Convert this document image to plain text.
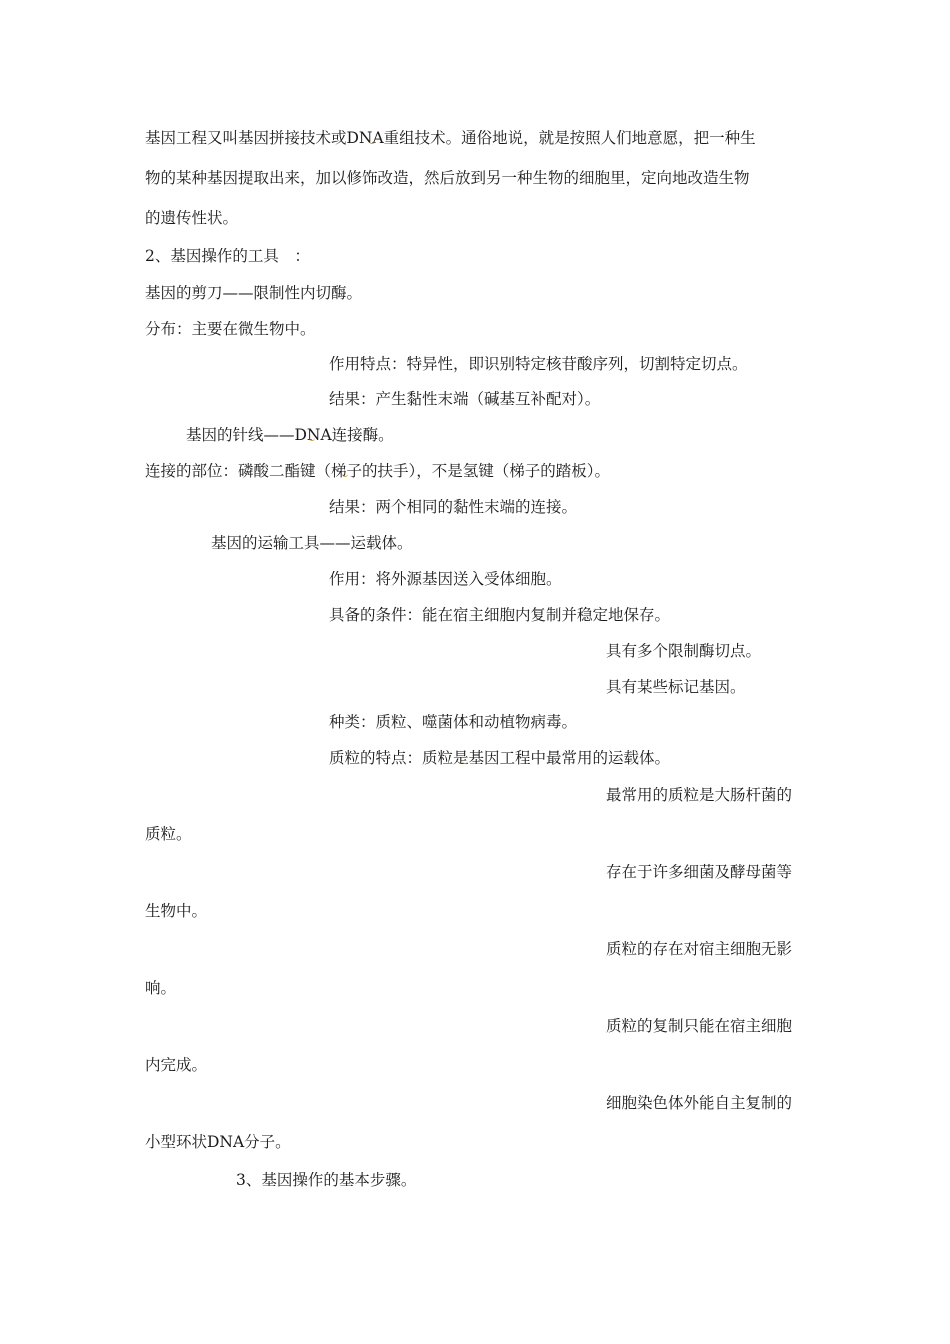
基因工程又叫基因拼接技术或DNA重组技术。通俗地说，就是按照人们地意愿，把一种生
物的某种基因提取出来，加以修饰改造，然后放到另一种生物的细胞里，定向地改造生物
的遗传性状。
2、基因操作的工具　：
基因的剪刀——限制性内切酶。
分布：主要在微生物中。
作用特点：特异性，即识别特定核苷酸序列，切割特定切点。
结果：产生黏性末端（碱基互补配对）。
基因的针线——DNA连接酶。
连接的部位：磷酸二酯键（梯子的扶手），不是氢键（梯子的踏板）。
结果：两个相同的黏性末端的连接。
基因的运输工具——运载体。
作用：将外源基因送入受体细胞。
具备的条件：能在宿主细胞内复制并稳定地保存。
具有多个限制酶切点。
具有某些标记基因。
种类：质粒、噬菌体和动植物病毒。
质粒的特点：质粒是基因工程中最常用的运载体。
最常用的质粒是大肠杆菌的
质粒。
存在于许多细菌及酵母菌等
生物中。
质粒的存在对宿主细胞无影
响。
质粒的复制只能在宿主细胞
内完成。
细胞染色体外能自主复制的
小型环状DNA分子。
3、基因操作的基本步骤。
